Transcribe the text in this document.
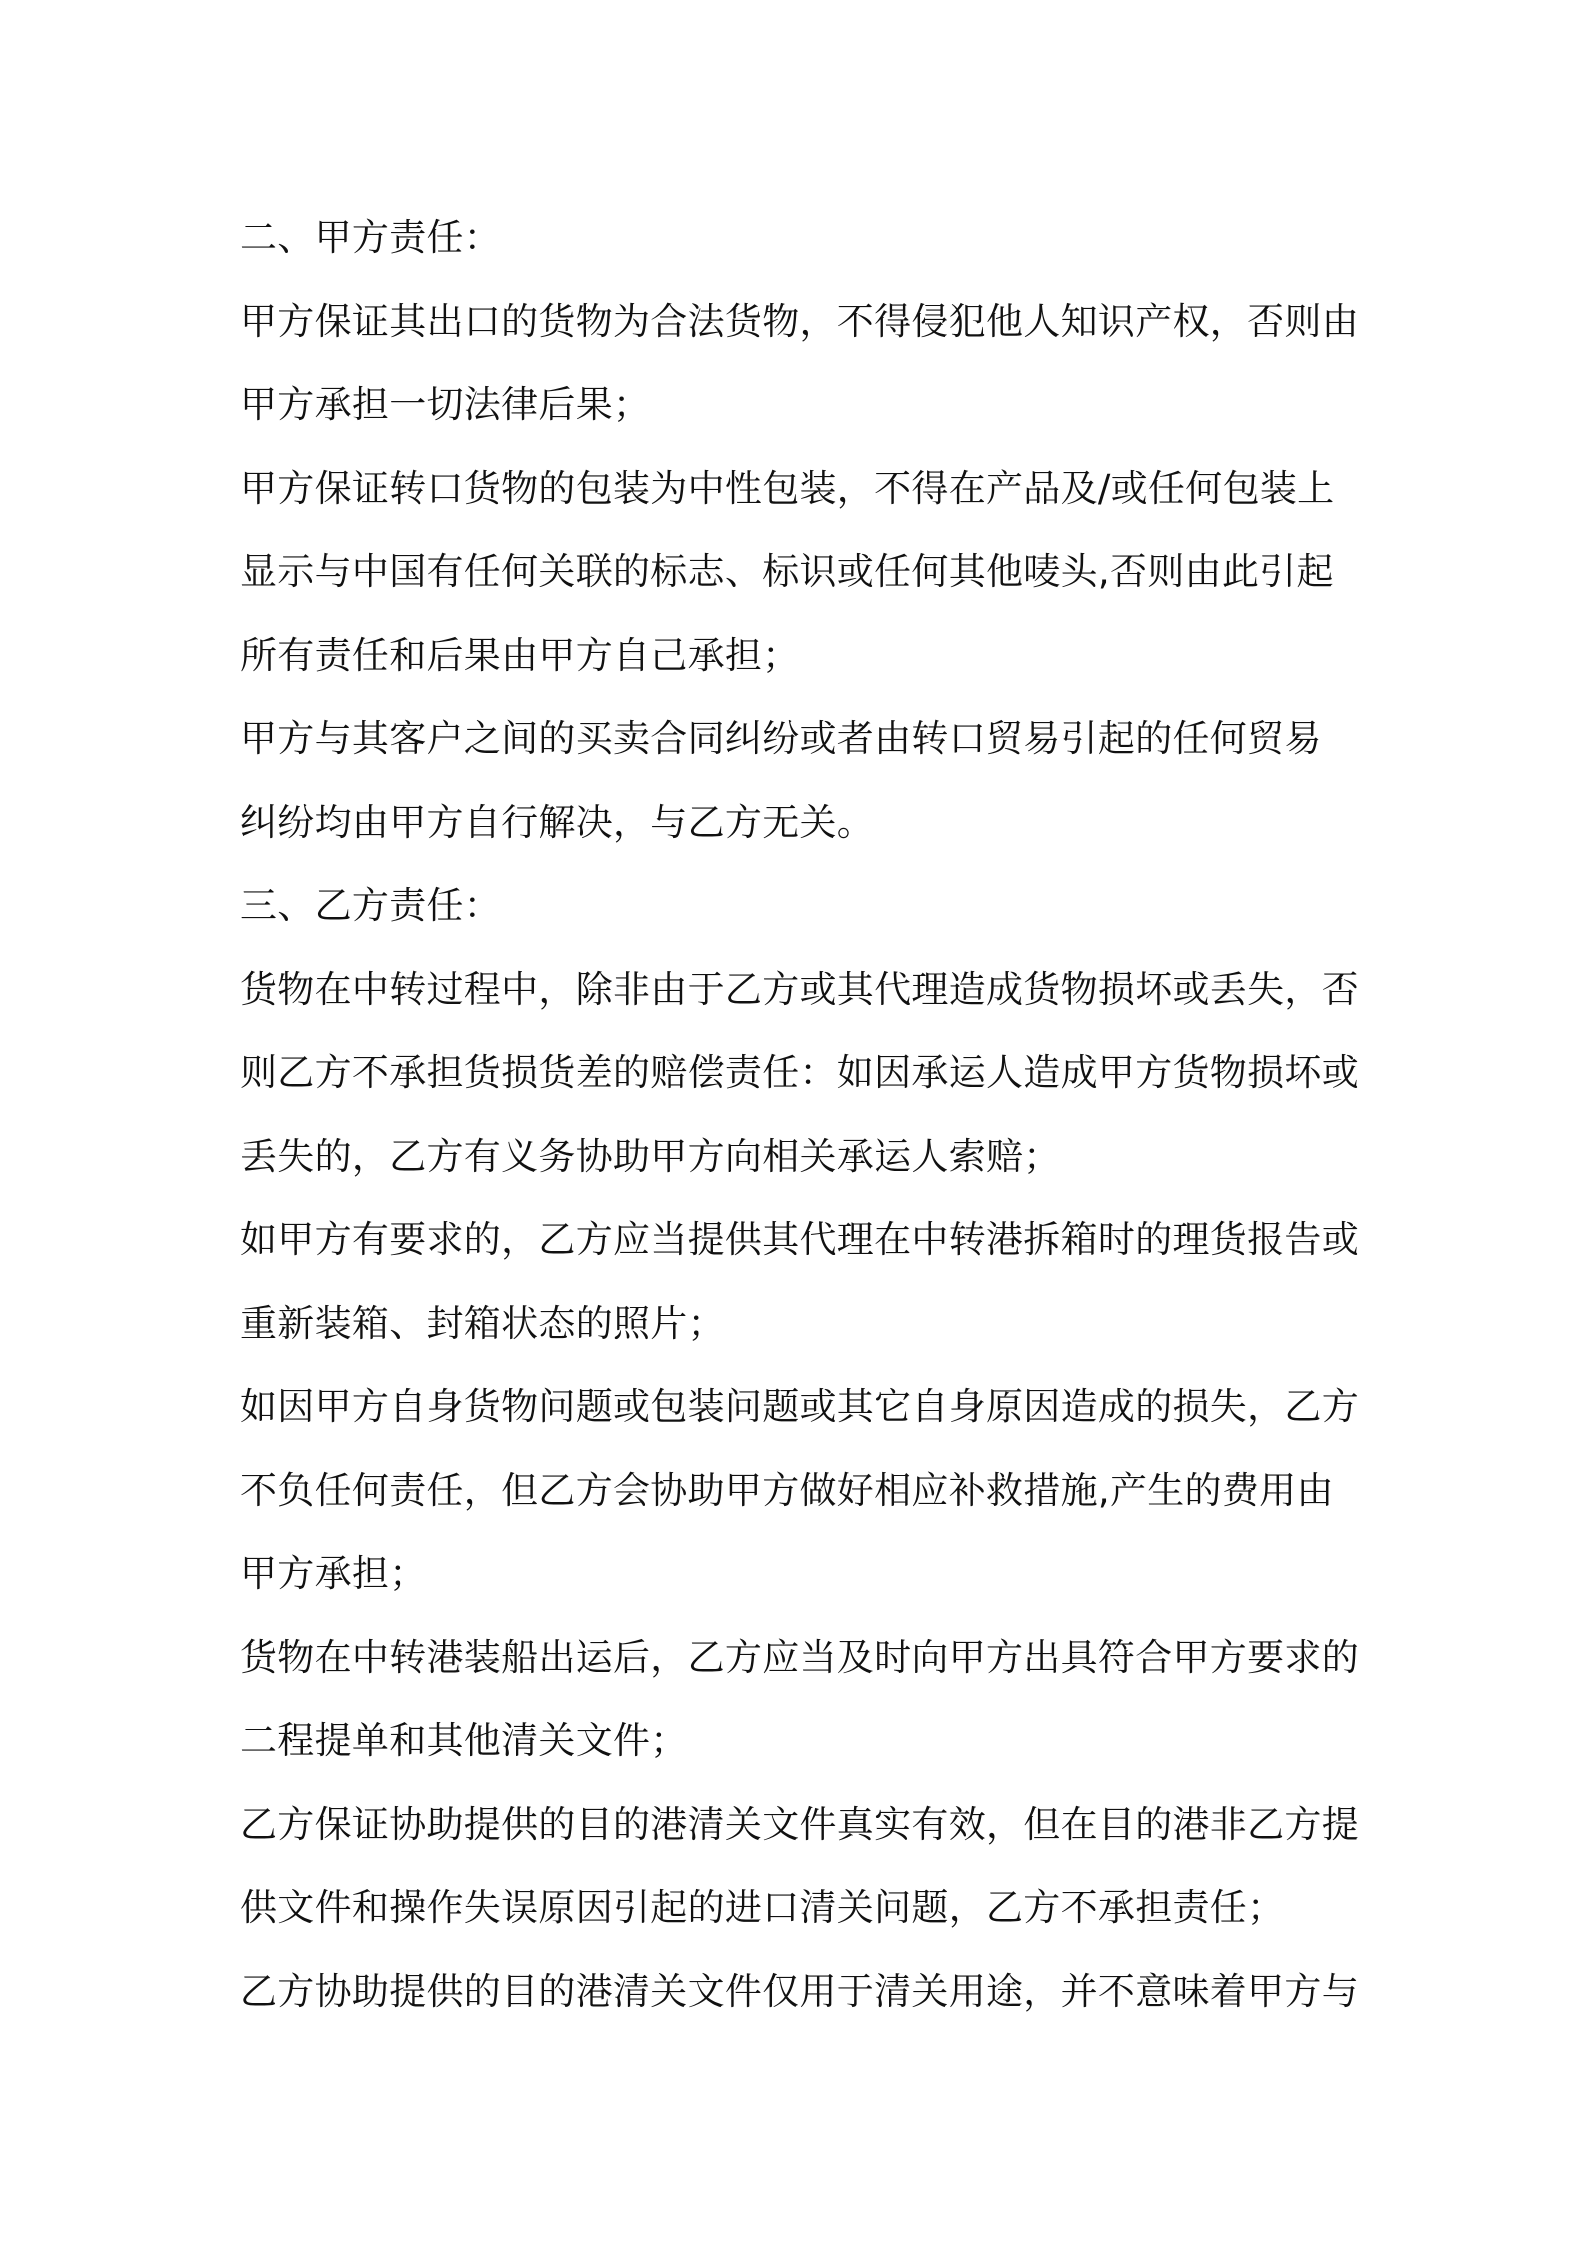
二、甲方责任：
甲方保证其出口的货物为合法货物，不得侵犯他人知识产权，否则由
甲方承担一切法律后果；
甲方保证转口货物的包装为中性包装，不得在产品及/或任何包装上
显示与中国有任何关联的标志、标识或任何其他唛头,否则由此引起
所有责任和后果由甲方自己承担；
甲方与其客户之间的买卖合同纠纷或者由转口贸易引起的任何贸易
纠纷均由甲方自行解决，与乙方无关。
三、乙方责任：
货物在中转过程中，除非由于乙方或其代理造成货物损坏或丢失，否
则乙方不承担货损货差的赔偿责任：如因承运人造成甲方货物损坏或
丢失的，乙方有义务协助甲方向相关承运人索赔；
如甲方有要求的，乙方应当提供其代理在中转港拆箱时的理货报告或
重新装箱、封箱状态的照片；
如因甲方自身货物问题或包装问题或其它自身原因造成的损失，乙方
不负任何责任，但乙方会协助甲方做好相应补救措施,产生的费用由
甲方承担；
货物在中转港装船出运后，乙方应当及时向甲方出具符合甲方要求的
二程提单和其他清关文件；
乙方保证协助提供的目的港清关文件真实有效，但在目的港非乙方提
供文件和操作失误原因引起的进口清关问题，乙方不承担责任；
乙方协助提供的目的港清关文件仅用于清关用途，并不意味着甲方与
